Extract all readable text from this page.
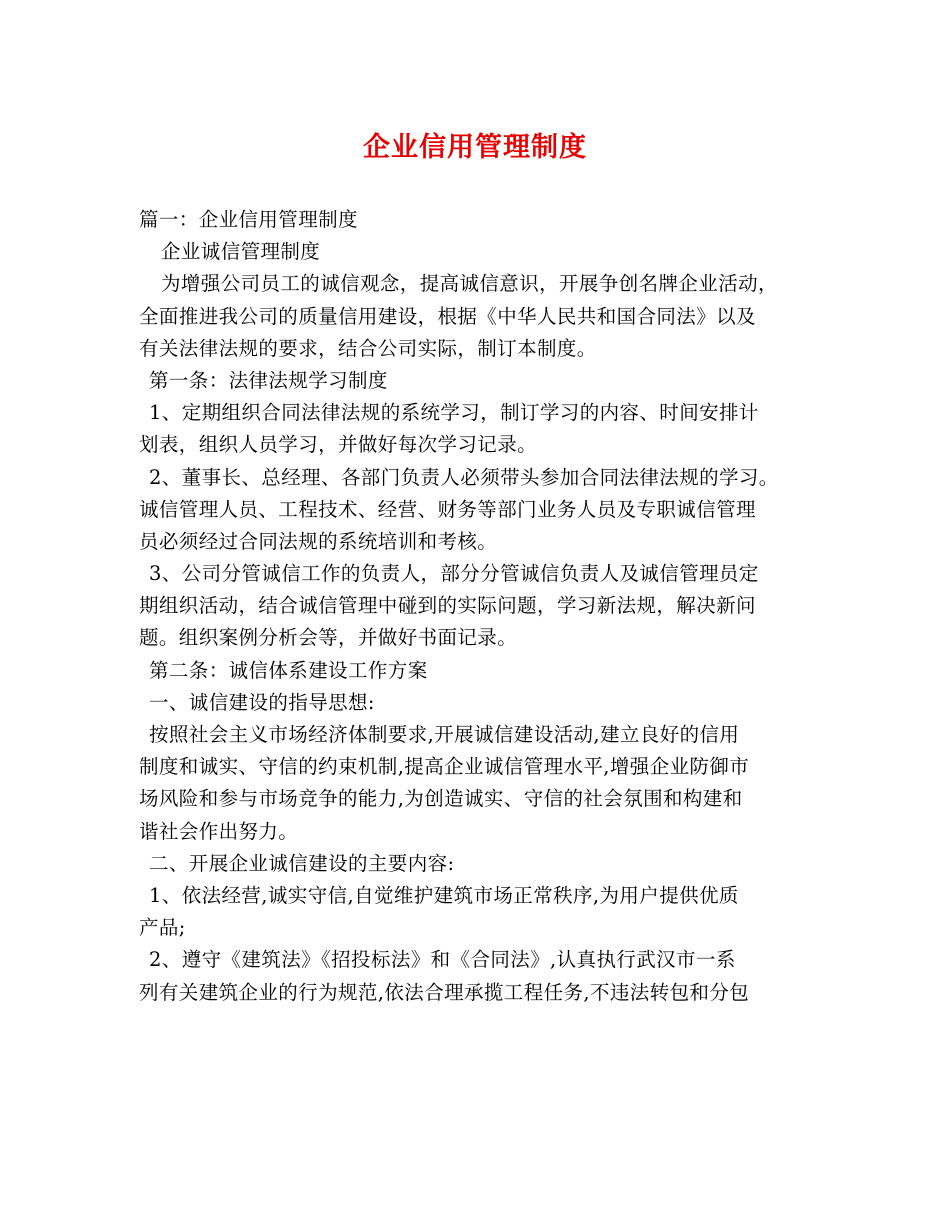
企业信用管理制度
篇一：企业信用管理制度
企业诚信管理制度
为增强公司员工的诚信观念，提高诚信意识，开展争创名牌企业活动，
全面推进我公司的质量信用建设，根据《中华人民共和国合同法》以及
有关法律法规的要求，结合公司实际，制订本制度。
第一条：法律法规学习制度
1、定期组织合同法律法规的系统学习，制订学习的内容、时间安排计
划表，组织人员学习，并做好每次学习记录。
2、董事长、总经理、各部门负责人必须带头参加合同法律法规的学习。
诚信管理人员、工程技术、经营、财务等部门业务人员及专职诚信管理
员必须经过合同法规的系统培训和考核。
3、公司分管诚信工作的负责人，部分分管诚信负责人及诚信管理员定
期组织活动，结合诚信管理中碰到的实际问题，学习新法规，解决新问
题。组织案例分析会等，并做好书面记录。
第二条：诚信体系建设工作方案
一、诚信建设的指导思想:
按照社会主义市场经济体制要求,开展诚信建设活动,建立良好的信用
制度和诚实、守信的约束机制,提高企业诚信管理水平,增强企业防御市
场风险和参与市场竞争的能力,为创造诚实、守信的社会氛围和构建和
谐社会作出努力。
二、开展企业诚信建设的主要内容:
1、依法经营,诚实守信,自觉维护建筑市场正常秩序,为用户提供优质
产品;
2、遵守《建筑法》《招投标法》和《合同法》,认真执行武汉市一系
列有关建筑企业的行为规范,依法合理承揽工程任务,不违法转包和分包
